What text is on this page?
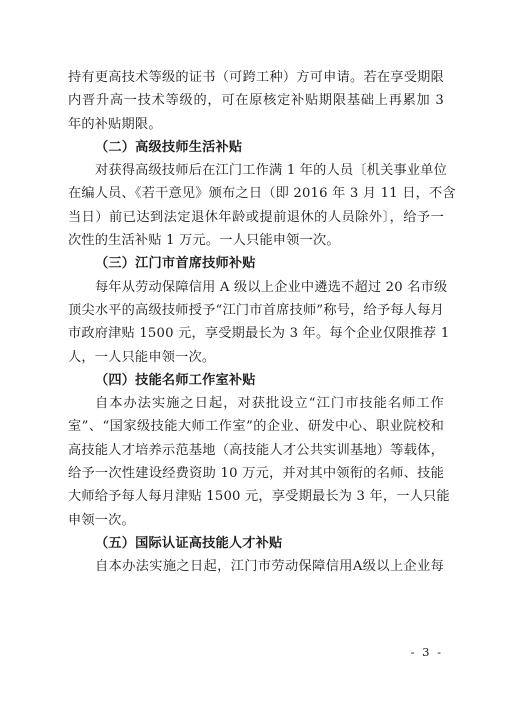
持有更高技术等级的证书（可跨工种）方可申请。若在享受期限
内晋升高一技术等级的，可在原核定补贴期限基础上再累加 3
年的补贴期限。
（二）高级技师生活补贴
对获得高级技师后在江门工作满 1 年的人员〔机关事业单位
在编人员、《若干意见》颁布之日（即 2016 年 3 月 11 日，不含
当日）前已达到法定退休年龄或提前退休的人员除外〕，给予一
次性的生活补贴 1 万元。一人只能申领一次。
（三）江门市首席技师补贴
每年从劳动保障信用 A 级以上企业中遴选不超过 20 名市级
顶尖水平的高级技师授予“江门市首席技师”称号，给予每人每月
市政府津贴 1500 元，享受期最长为 3 年。每个企业仅限推荐 1
人，一人只能申领一次。
（四）技能名师工作室补贴
自本办法实施之日起，对获批设立“江门市技能名师工作
室”、“国家级技能大师工作室”的企业、研发中心、职业院校和
高技能人才培养示范基地（高技能人才公共实训基地）等载体，
给予一次性建设经费资助 10 万元，并对其中领衔的名师、技能
大师给予每人每月津贴 1500 元，享受期最长为 3 年，一人只能
申领一次。
（五）国际认证高技能人才补贴
自本办法实施之日起，江门市劳动保障信用A级以上企业每
- 3 -
